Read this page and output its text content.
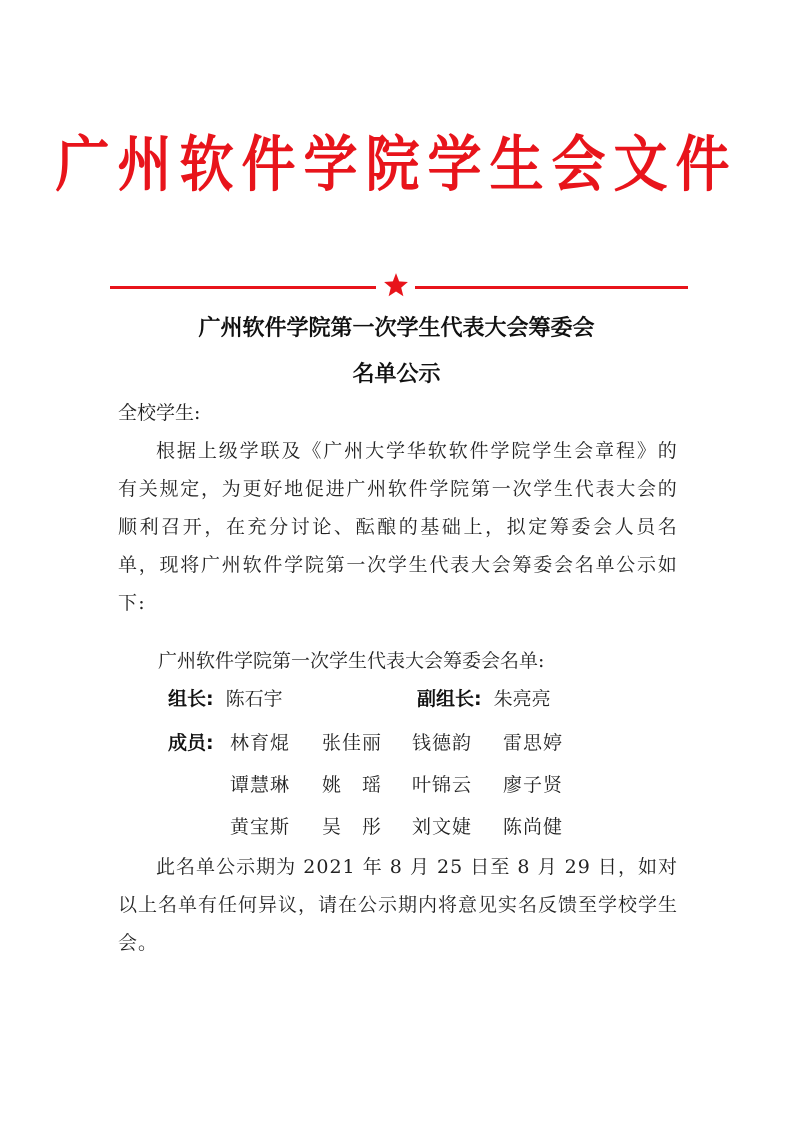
广州软件学院学生会文件
广州软件学院第一次学生代表大会筹委会
名单公示
全校学生:
根据上级学联及《广州大学华软软件学院学生会章程》的有关规定，为更好地促进广州软件学院第一次学生代表大会的顺利召开，在充分讨论、酝酿的基础上，拟定筹委会人员名单，现将广州软件学院第一次学生代表大会筹委会名单公示如下:
广州软件学院第一次学生代表大会筹委会名单:
组长: 陈石宇	副组长: 朱亮亮
成员: 林育焜 张佳丽 钱德韵 雷思婷
谭慧琳 姚　瑶 叶锦云 廖子贤
黄宝斯 吴　彤 刘文婕 陈尚健
此名单公示期为 2021 年 8 月 25 日至 8 月 29 日，如对以上名单有任何异议，请在公示期内将意见实名反馈至学校学生会。
